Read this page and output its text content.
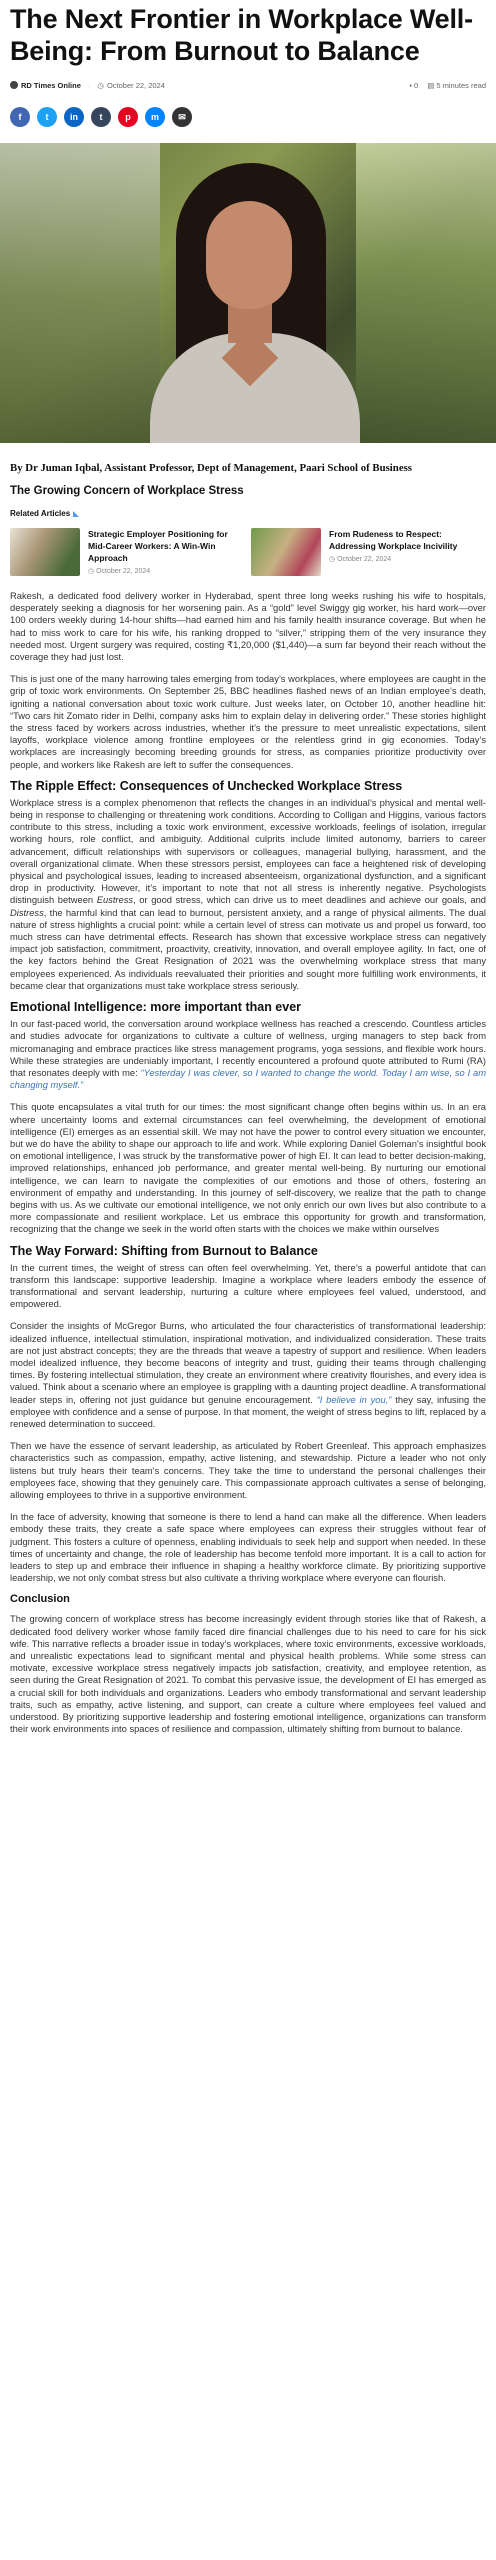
The Next Frontier in Workplace Well-Being: From Burnout to Balance
RD Times Online · ◷ October 22, 2024	▪ 0 ▤ 5 minutes read
f	t in t	p m ✉
By Dr Juman Iqbal, Assistant Professor, Dept of Management, Paari School of Business
The Growing Concern of Workplace Stress
Related Articles
Strategic Employer Positioning for Mid-Career Workers: A Win-Win Approach
◷ October 22, 2024
From Rudeness to Respect: Addressing Workplace Incivility
◷ October 22, 2024

Rakesh, a dedicated food delivery worker in Hyderabad, spent three long weeks rushing his wife to hospitals, desperately seeking a diagnosis for her worsening pain. As a “gold” level Swiggy gig worker, his hard work—over 100 orders weekly during 14-hour shifts—had earned him and his family health insurance coverage. But when he had to miss work to care for his wife, his ranking dropped to “silver,” stripping them of the very insurance they needed most. Urgent surgery was required, costing ₹1,20,000 ($1,440)—a sum far beyond their reach without the coverage they had just lost.

This is just one of the many harrowing tales emerging from today’s workplaces, where employees are caught in the grip of toxic work environments. On September 25, BBC headlines flashed news of an Indian employee’s death, igniting a national conversation about toxic work culture. Just weeks later, on October 10, another headline hit: “Two cars hit Zomato rider in Delhi, company asks him to explain delay in delivering order.” These stories highlight the stress faced by workers across industries, whether it’s the pressure to meet unrealistic expectations, silent layoffs, workplace violence among frontline employees or the relentless grind in gig economies. Today’s workplaces are increasingly becoming breeding grounds for stress, as companies prioritize productivity over people, and workers like Rakesh are left to suffer the consequences.

The Ripple Effect: Consequences of Unchecked Workplace Stress

Workplace stress is a complex phenomenon that reflects the changes in an individual’s physical and mental well-being in response to challenging or threatening work conditions. According to Colligan and Higgins, various factors contribute to this stress, including a toxic work environment, excessive workloads, feelings of isolation, irregular working hours, role conflict, and ambiguity. Additional culprits include limited autonomy, barriers to career advancement, difficult relationships with supervisors or colleagues, managerial bullying, harassment, and the overall organizational climate. When these stressors persist, employees can face a heightened risk of developing physical and psychological issues, leading to increased absenteeism, organizational dysfunction, and a significant drop in productivity. However, it’s important to note that not all stress is inherently negative. Psychologists distinguish between Eustress, or good stress, which can drive us to meet deadlines and achieve our goals, and Distress, the harmful kind that can lead to burnout, persistent anxiety, and a range of physical ailments. The dual nature of stress highlights a crucial point: while a certain level of stress can motivate us and propel us forward, too much stress can have detrimental effects. Research has shown that excessive workplace stress can negatively impact job satisfaction, commitment, proactivity, creativity, innovation, and overall employee agility. In fact, one of the key factors behind the Great Resignation of 2021 was the overwhelming workplace stress that many employees experienced. As individuals reevaluated their priorities and sought more fulfilling work environments, it became clear that organizations must take workplace stress seriously.

Emotional Intelligence: more important than ever

In our fast-paced world, the conversation around workplace wellness has reached a crescendo. Countless articles and studies advocate for organizations to cultivate a culture of wellness, urging managers to step back from micromanaging and embrace practices like stress management programs, yoga sessions, and flexible work hours. While these strategies are undeniably important, I recently encountered a profound quote attributed to Rumi (RA) that resonates deeply with me: “Yesterday I was clever, so I wanted to change the world. Today I am wise, so I am changing myself.”

This quote encapsulates a vital truth for our times: the most significant change often begins within us. In an era where uncertainty looms and external circumstances can feel overwhelming, the development of emotional intelligence (EI) emerges as an essential skill. We may not have the power to control every situation we encounter, but we do have the ability to shape our approach to life and work. While exploring Daniel Goleman’s insightful book on emotional intelligence, I was struck by the transformative power of high EI. It can lead to better decision-making, improved relationships, enhanced job performance, and greater mental well-being. By nurturing our emotional intelligence, we can learn to navigate the complexities of our emotions and those of others, fostering an environment of empathy and understanding. In this journey of self-discovery, we realize that the path to change begins with us. As we cultivate our emotional intelligence, we not only enrich our own lives but also contribute to a more compassionate and resilient workplace. Let us embrace this opportunity for growth and transformation, recognizing that the change we seek in the world often starts with the choices we make within ourselves

The Way Forward: Shifting from Burnout to Balance

In the current times, the weight of stress can often feel overwhelming. Yet, there’s a powerful antidote that can transform this landscape: supportive leadership. Imagine a workplace where leaders embody the essence of transformational and servant leadership, nurturing a culture where employees feel valued, understood, and empowered.

Consider the insights of McGregor Burns, who articulated the four characteristics of transformational leadership: idealized influence, intellectual stimulation, inspirational motivation, and individualized consideration. These traits are not just abstract concepts; they are the threads that weave a tapestry of support and resilience. When leaders model idealized influence, they become beacons of integrity and trust, guiding their teams through challenging times. By fostering intellectual stimulation, they create an environment where creativity flourishes, and every idea is valued. Think about a scenario where an employee is grappling with a daunting project deadline. A transformational leader steps in, offering not just guidance but genuine encouragement. “I believe in you,” they say, infusing the employee with confidence and a sense of purpose. In that moment, the weight of stress begins to lift, replaced by a renewed determination to succeed.

Then we have the essence of servant leadership, as articulated by Robert Greenleaf. This approach emphasizes characteristics such as compassion, empathy, active listening, and stewardship. Picture a leader who not only listens but truly hears their team’s concerns. They take the time to understand the personal challenges their employees face, showing that they genuinely care. This compassionate approach cultivates a sense of belonging, allowing employees to thrive in a supportive environment.

In the face of adversity, knowing that someone is there to lend a hand can make all the difference. When leaders embody these traits, they create a safe space where employees can express their struggles without fear of judgment. This fosters a culture of openness, enabling individuals to seek help and support when needed. In these times of uncertainty and change, the role of leadership has become tenfold more important. It is a call to action for leaders to step up and embrace their influence in shaping a healthy workforce climate. By prioritizing supportive leadership, we not only combat stress but also cultivate a thriving workplace where everyone can flourish.

Conclusion

The growing concern of workplace stress has become increasingly evident through stories like that of Rakesh, a dedicated food delivery worker whose family faced dire financial challenges due to his need to care for his sick wife. This narrative reflects a broader issue in today’s workplaces, where toxic environments, excessive workloads, and unrealistic expectations lead to significant mental and physical health problems. While some stress can motivate, excessive workplace stress negatively impacts job satisfaction, creativity, and employee retention, as seen during the Great Resignation of 2021. To combat this pervasive issue, the development of EI has emerged as a crucial skill for both individuals and organizations. Leaders who embody transformational and servant leadership traits, such as empathy, active listening, and support, can create a culture where employees feel valued and understood. By prioritizing supportive leadership and fostering emotional intelligence, organizations can transform their work environments into spaces of resilience and compassion, ultimately shifting from burnout to balance.
